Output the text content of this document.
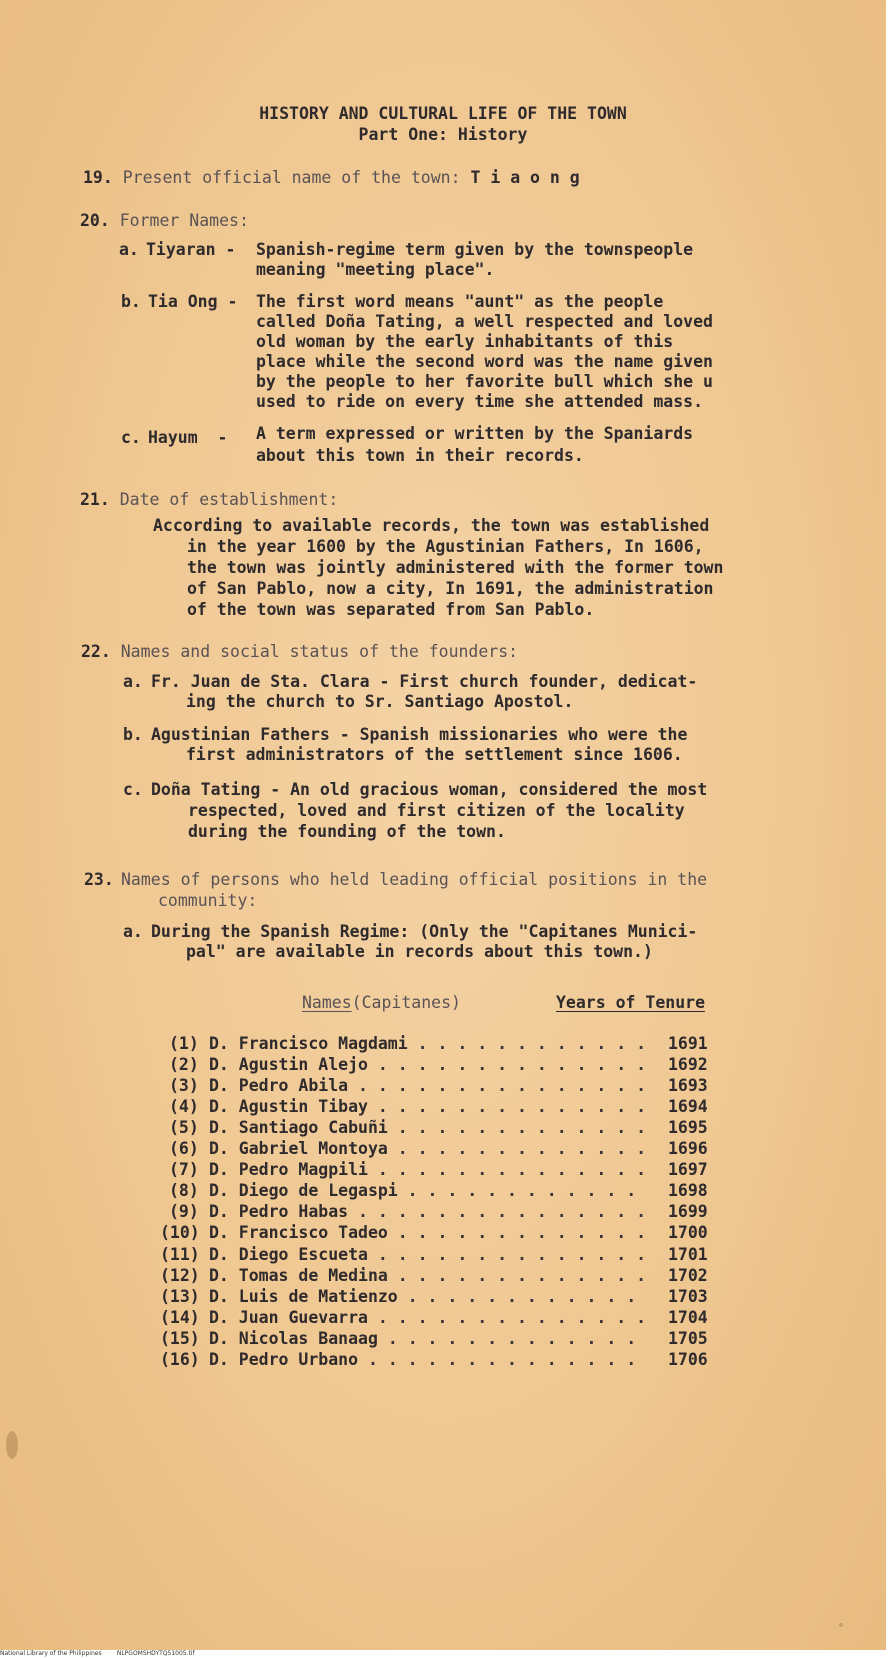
HISTORY AND CULTURAL LIFE OF THE TOWN
Part One: History
19. Present official name of the town: T i a o n g
20. Former Names:
a. Tiyaran - Spanish-regime term given by the townspeople
meaning "meeting place".
b. Tia Ong - The first word means "aunt" as the people
called Doña Tating, a well respected and loved
old woman by the early inhabitants of this
place while the second word was the name given
by the people to her favorite bull which she u
used to ride on every time she attended mass.
c. Hayum  - A term expressed or written by the Spaniards
about this town in their records.
21. Date of establishment:
According to available records, the town was established
in the year 1600 by the Agustinian Fathers, In 1606,
the town was jointly administered with the former town
of San Pablo, now a city, In 1691, the administration
of the town was separated from San Pablo.
22. Names and social status of the founders:
a. Fr. Juan de Sta. Clara - First church founder, dedicat-
ing the church to Sr. Santiago Apostol.
b. Agustinian Fathers - Spanish missionaries who were the
first administrators of the settlement since 1606.
c. Doña Tating - An old gracious woman, considered the most
respected, loved and first citizen of the locality
during the founding of the town.
23. Names of persons who held leading official positions in the
community:
a. During the Spanish Regime: (Only the "Capitanes Munici-
pal" are available in records about this town.)
Names(Capitanes)	Years of Tenure
(1) D. Francisco Magdami . . . . . . . . . . . . 1691
(2) D. Agustin Alejo . . . . . . . . . . . . . . 1692
(3) D. Pedro Abila . . . . . . . . . . . . . . . 1693
(4) D. Agustin Tibay . . . . . . . . . . . . . . 1694
(5) D. Santiago Cabuñi . . . . . . . . . . . . . 1695
(6) D. Gabriel Montoya . . . . . . . . . . . . . 1696
(7) D. Pedro Magpili . . . . . . . . . . . . . . 1697
(8) D. Diego de Legaspi . . . . . . . . . . . . 1698
(9) D. Pedro Habas . . . . . . . . . . . . . . . 1699
(10) D. Francisco Tadeo . . . . . . . . . . . . . 1700
(11) D. Diego Escueta . . . . . . . . . . . . . . 1701
(12) D. Tomas de Medina . . . . . . . . . . . . . 1702
(13) D. Luis de Matienzo . . . . . . . . . . . . 1703
(14) D. Juan Guevarra . . . . . . . . . . . . . . 1704
(15) D. Nicolas Banaag . . . . . . . . . . . . . 1705
(16) D. Pedro Urbano . . . . . . . . . . . . . . 1706
National Library of the Philippines	NLPGOMSHDYTQ51005.tif
